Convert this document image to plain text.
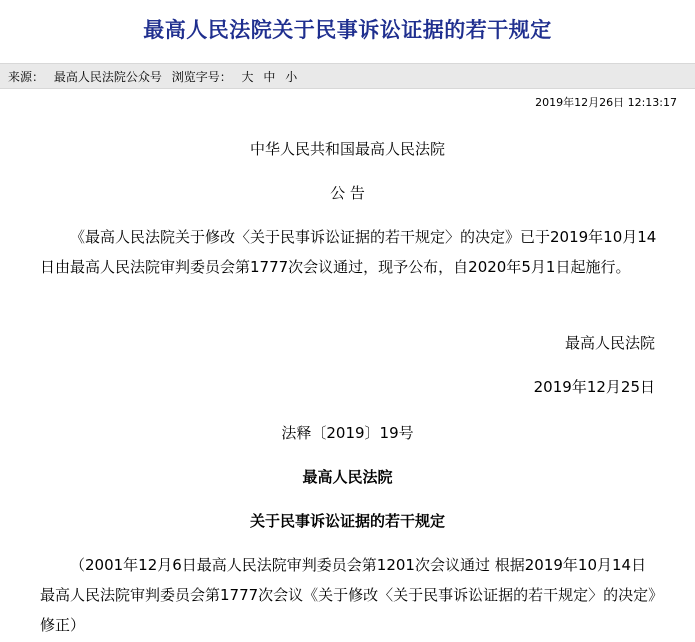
最高人民法院关于民事诉讼证据的若干规定
来源： 最高人民法院公众号 浏览字号： 大 中 小
2019年12月26日 12:13:17
中华人民共和国最高人民法院
公 告
《最高人民法院关于修改〈关于民事诉讼证据的若干规定〉的决定》已于2019年10月14日由最高人民法院审判委员会第1777次会议通过，现予公布，自2020年5月1日起施行。
最高人民法院
2019年12月25日
法释〔2019〕19号
最高人民法院
关于民事诉讼证据的若干规定
（2001年12月6日最高人民法院审判委员会第1201次会议通过 根据2019年10月14日最高人民法院审判委员会第1777次会议《关于修改〈关于民事诉讼证据的若干规定〉的决定》修正）
